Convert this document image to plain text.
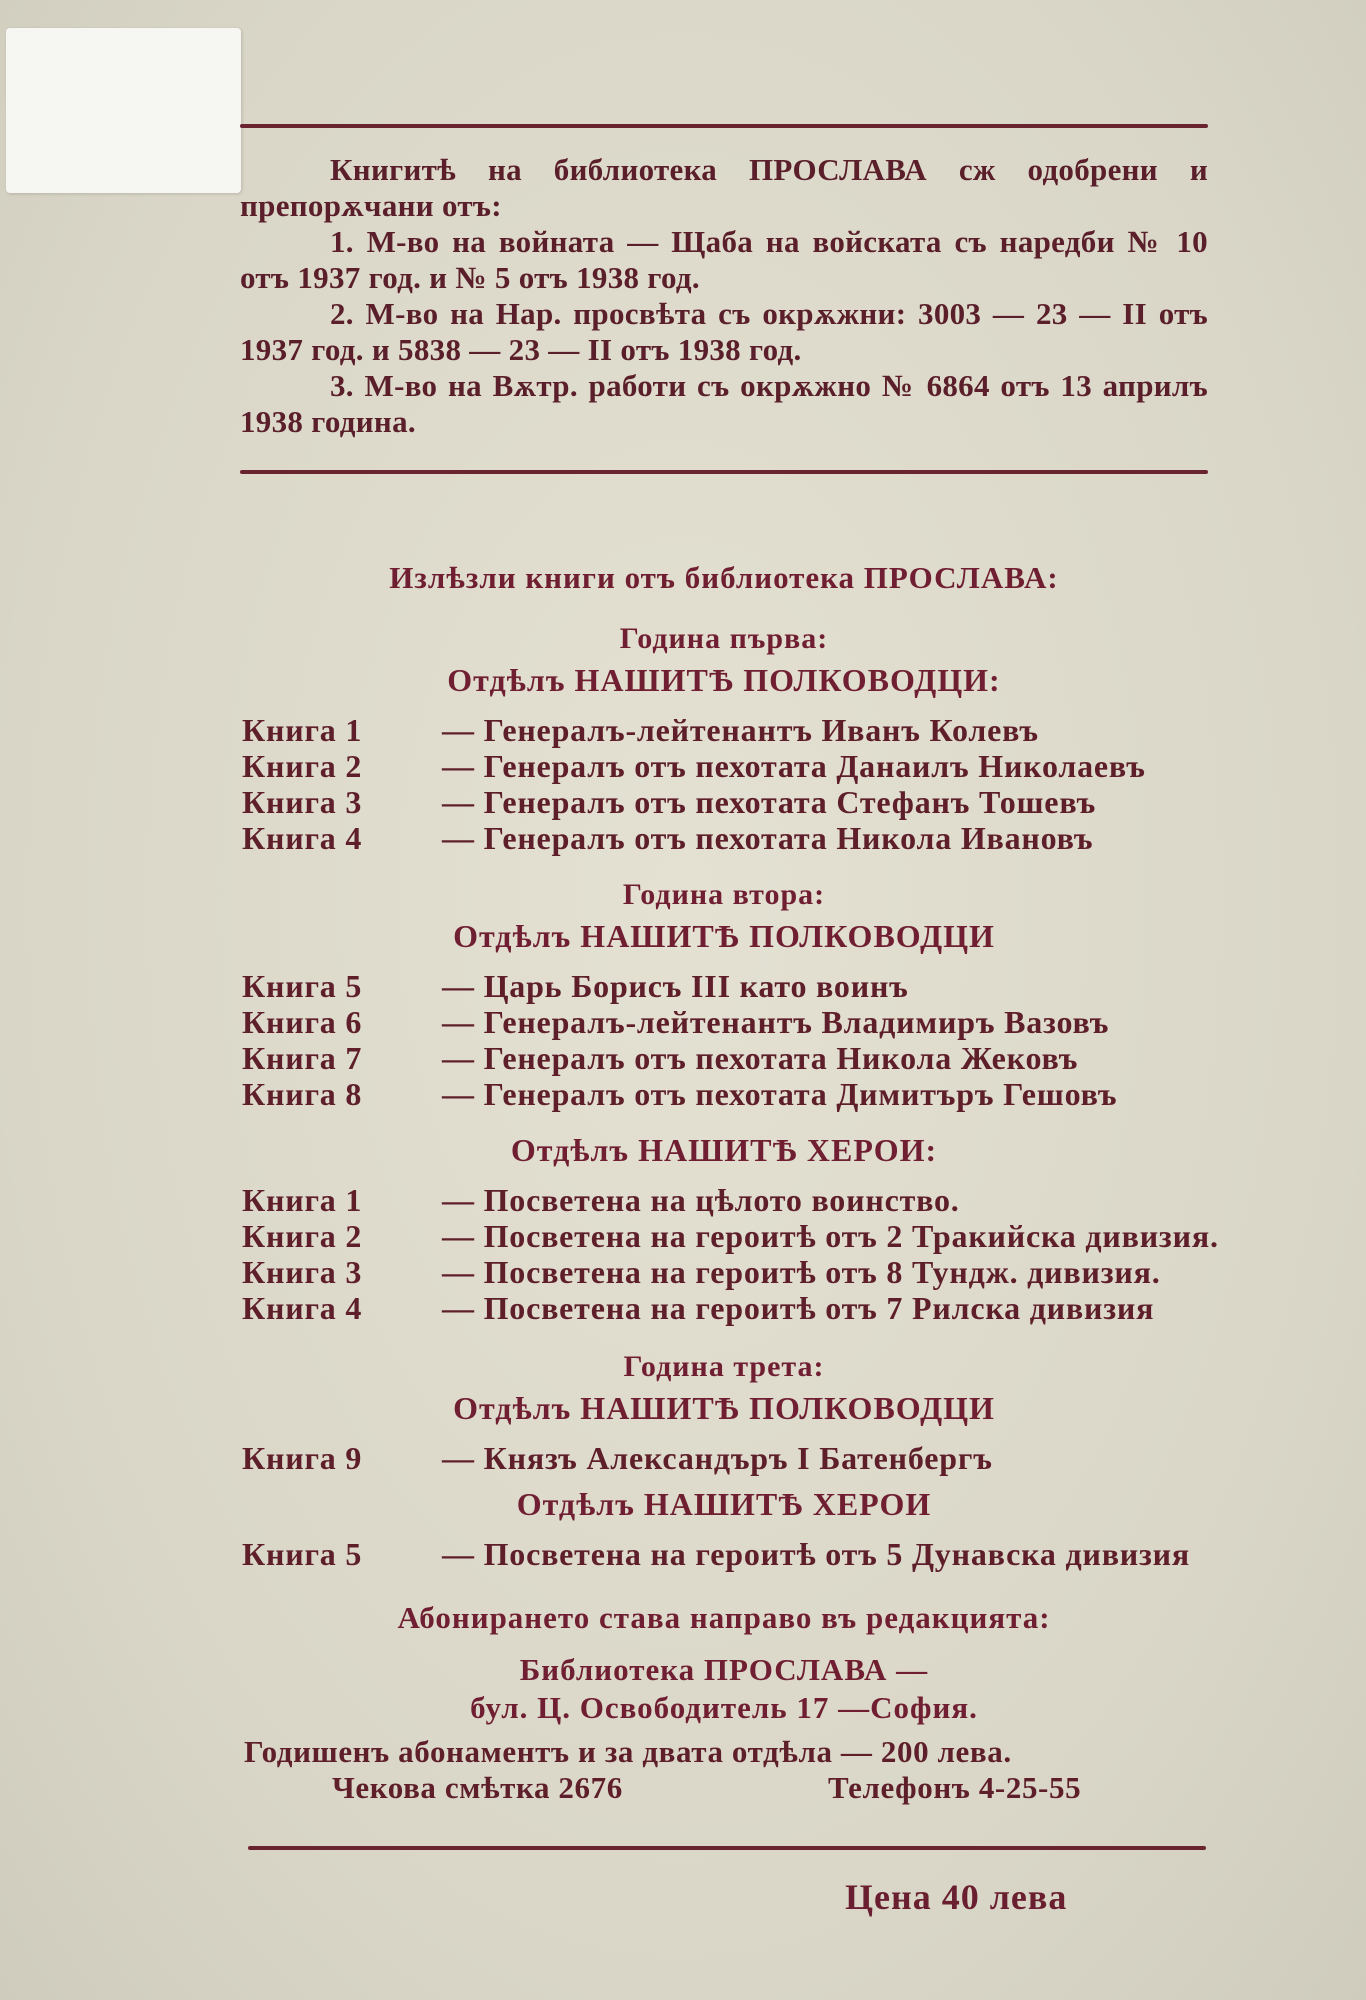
Книгитѣ на библиотека ПРОСЛАВА сж одобрени и препорѫчани отъ:
1. М-во на войната — Щаба на войската съ наредби № 10 отъ 1937 год. и № 5 отъ 1938 год.
2. М-во на Нар. просвѣта съ окрѫжни: 3003 — 23 — II отъ 1937 год. и 5838 — 23 — II отъ 1938 год.
3. М-во на Вѫтр. работи съ окрѫжно № 6864 отъ 13 априлъ 1938 година.
Излѣзли книги отъ библиотека ПРОСЛАВА:
Година първа:
Отдѣлъ НАШИТѢ ПОЛКОВОДЦИ:
Книга 1 — Генералъ-лейтенантъ Иванъ Колевъ
Книга 2 — Генералъ отъ пехотата Данаилъ Николаевъ
Книга 3 — Генералъ отъ пехотата Стефанъ Тошевъ
Книга 4 — Генералъ отъ пехотата Никола Ивановъ
Година втора:
Отдѣлъ НАШИТѢ ПОЛКОВОДЦИ
Книга 5 — Царь Борисъ III като воинъ
Книга 6 — Генералъ-лейтенантъ Владимиръ Вазовъ
Книга 7 — Генералъ отъ пехотата Никола Жековъ
Книга 8 — Генералъ отъ пехотата Димитъръ Гешовъ
Отдѣлъ НАШИТѢ ХЕРОИ:
Книга 1 — Посветена на цѣлото воинство.
Книга 2 — Посветена на героитѣ отъ 2 Тракийска дивизия.
Книга 3 — Посветена на героитѣ отъ 8 Тундж. дивизия.
Книга 4 — Посветена на героитѣ отъ 7 Рилска дивизия
Година трета:
Отдѣлъ НАШИТѢ ПОЛКОВОДЦИ
Книга 9 — Князъ Александъръ I Батенбергъ
Отдѣлъ НАШИТѢ ХЕРОИ
Книга 5 — Посветена на героитѣ отъ 5 Дунавска дивизия
Абонирането става направо въ редакцията:
Библиотека ПРОСЛАВА —
бул. Ц. Освободитель 17 —София.
Годишенъ абонаментъ и за двата отдѣла — 200 лева.
Чекова смѣтка 2676	Телефонъ 4-25-55
Цена 40 лева
